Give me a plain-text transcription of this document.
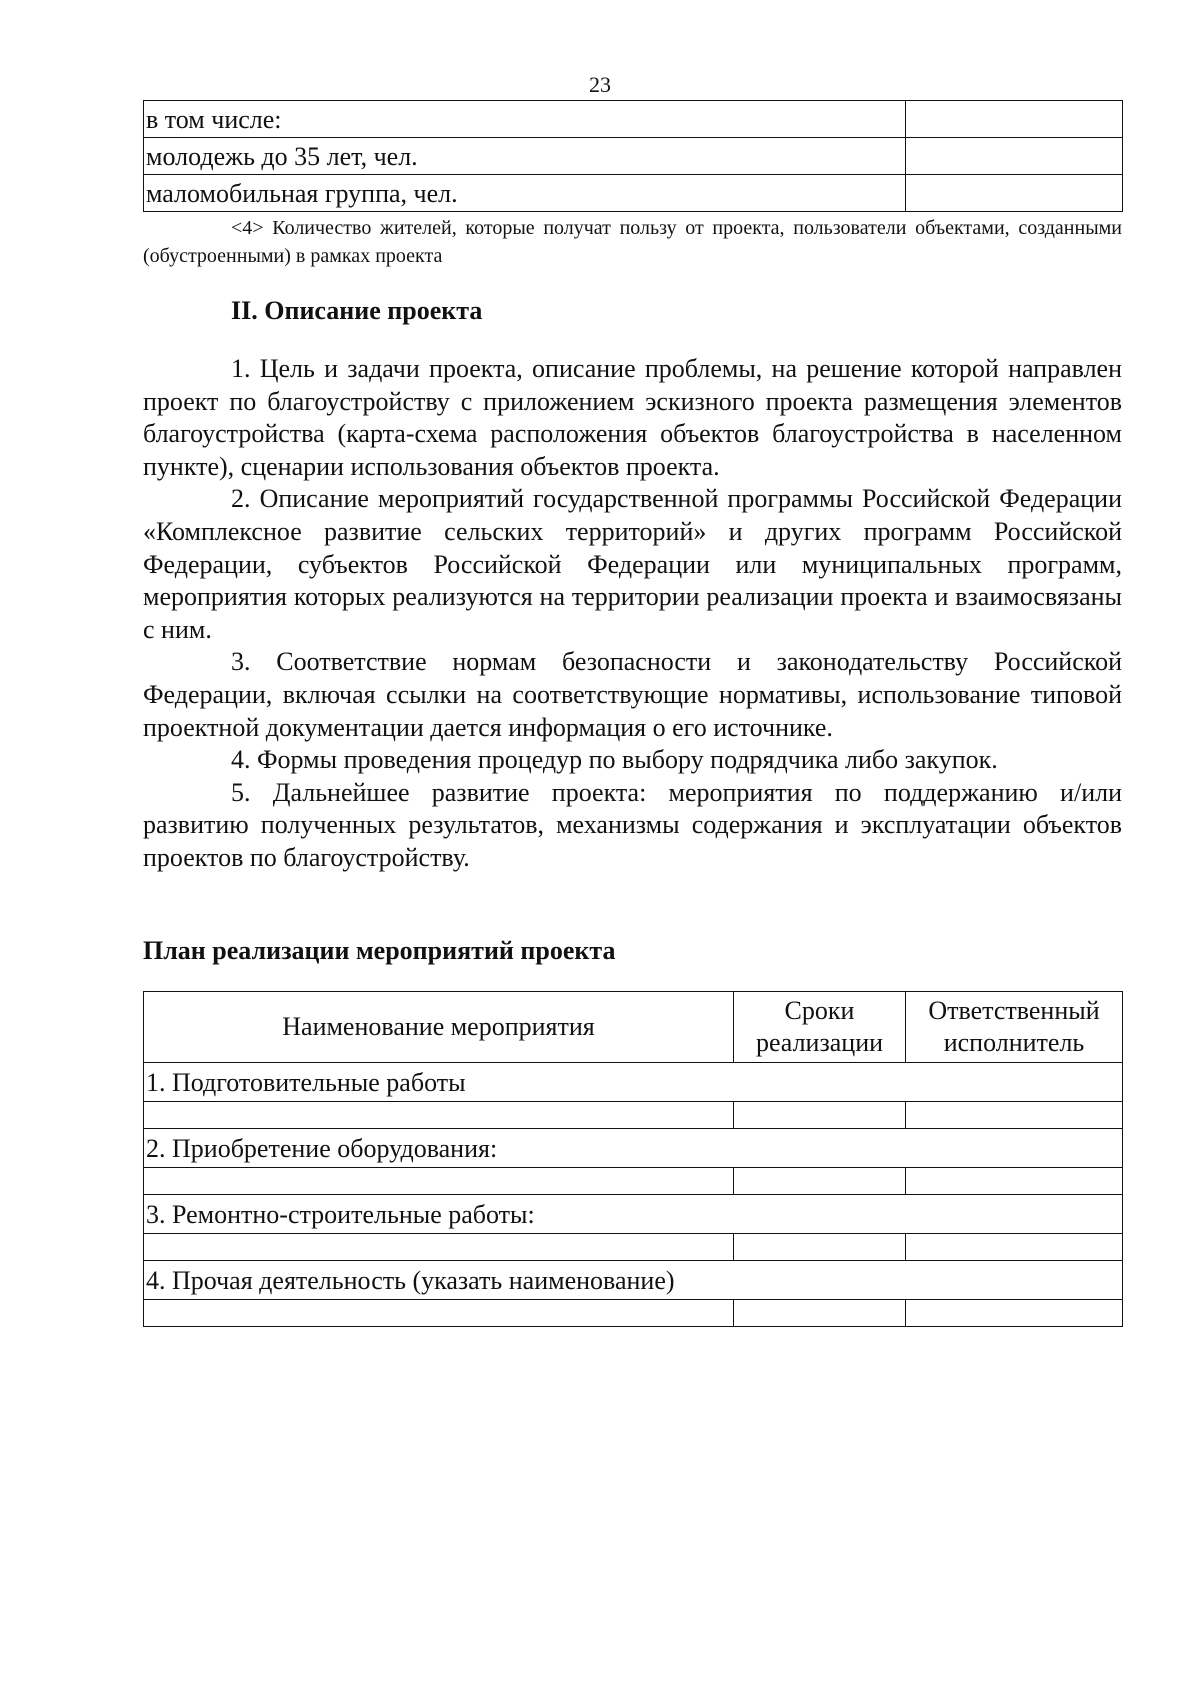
23
в том числе:	
молодежь до 35 лет, чел.	
маломобильная группа, чел.	
<4> Количество жителей, которые получат пользу от проекта, пользователи объектами, созданными (обустроенными) в рамках проекта
II. Описание проекта

1. Цель и задачи проекта, описание проблемы, на решение которой направлен проект по благоустройству с приложением эскизного проекта размещения элементов благоустройства (карта-схема расположения объектов благоустройства в населенном пункте), сценарии использования объектов проекта.

2. Описание мероприятий государственной программы Российской Федерации «Комплексное развитие сельских территорий» и других программ Российской Федерации, субъектов Российской Федерации или муниципальных программ, мероприятия которых реализуются на территории реализации проекта и взаимосвязаны с ним.

3. Соответствие нормам безопасности и законодательству Российской Федерации, включая ссылки на соответствующие нормативы, использование типовой проектной документации дается информация о его источнике.

4. Формы проведения процедур по выбору подрядчика либо закупок.

5. Дальнейшее развитие проекта: мероприятия по поддержанию и/или развитию полученных результатов, механизмы содержания и эксплуатации объектов проектов по благоустройству.

План реализации мероприятий проекта
Наименование мероприятия	Сроки реализации	Ответственный исполнитель
1. Подготовительные работы		

2. Приобретение оборудования:		

3. Ремонтно-строительные работы:		

4. Прочая деятельность (указать наименование)		
